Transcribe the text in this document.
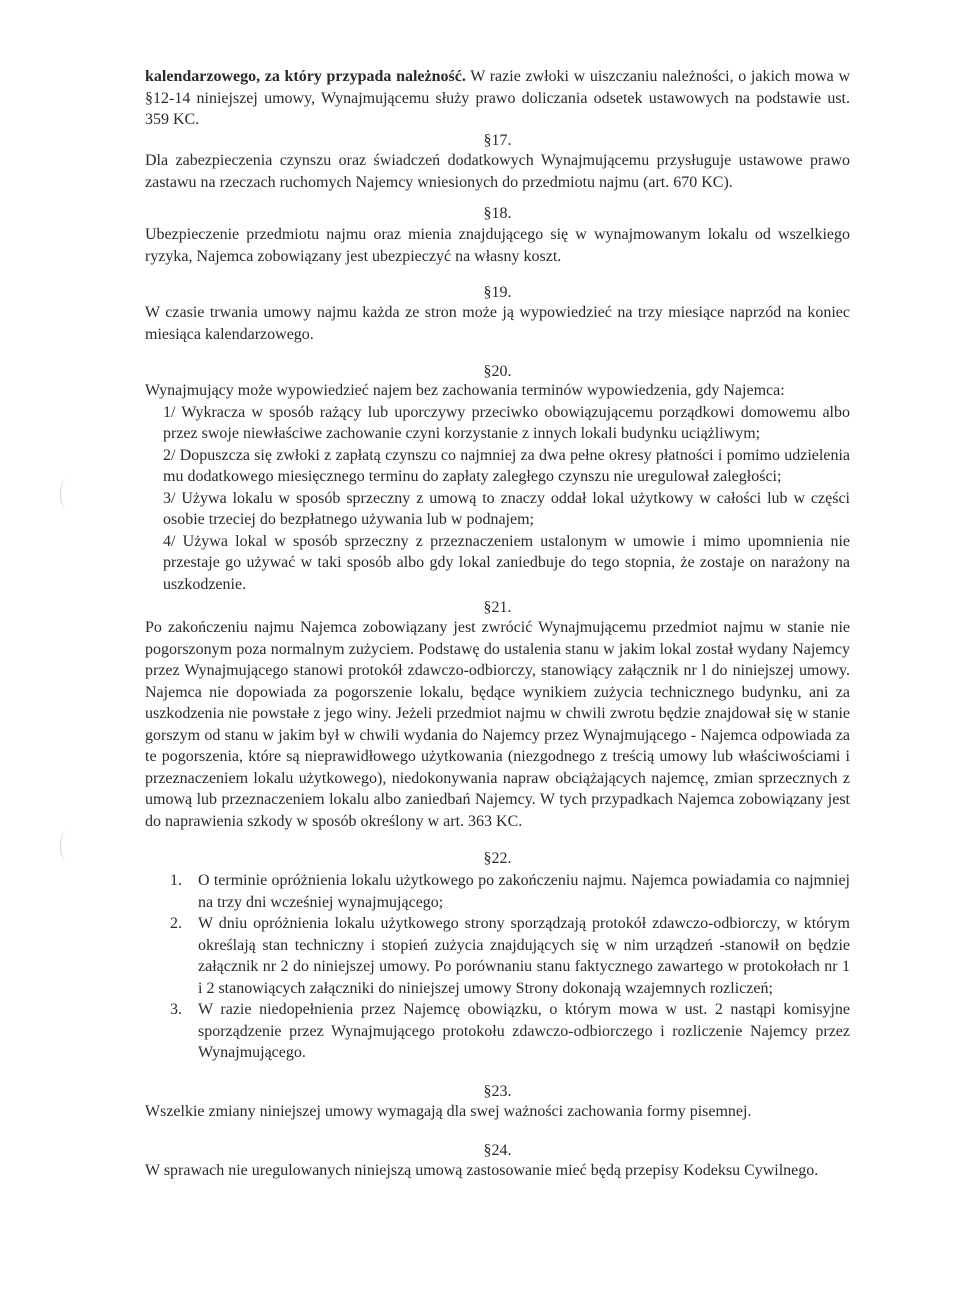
kalendarzowego, za który przypada należność. W razie zwłoki w uiszczaniu należności, o jakich mowa w §12-14 niniejszej umowy, Wynajmującemu służy prawo doliczania odsetek ustawowych na podstawie ust. 359 KC.
§17.
Dla zabezpieczenia czynszu oraz świadczeń dodatkowych Wynajmującemu przysługuje ustawowe prawo zastawu na rzeczach ruchomych Najemcy wniesionych do przedmiotu najmu (art. 670 KC).
§18.
Ubezpieczenie przedmiotu najmu oraz mienia znajdującego się w wynajmowanym lokalu od wszelkiego ryzyka, Najemca zobowiązany jest ubezpieczyć na własny koszt.
§19.
W czasie trwania umowy najmu każda ze stron może ją wypowiedzieć na trzy miesiące naprzód na koniec miesiąca kalendarzowego.
§20.
Wynajmujący może wypowiedzieć najem bez zachowania terminów wypowiedzenia, gdy Najemca:
1/ Wykracza w sposób rażący lub uporczywy przeciwko obowiązującemu porządkowi domowemu albo przez swoje niewłaściwe zachowanie czyni korzystanie z innych lokali budynku uciążliwym;
2/ Dopuszcza się zwłoki z zapłatą czynszu co najmniej za dwa pełne okresy płatności i pomimo udzielenia mu dodatkowego miesięcznego terminu do zapłaty zaległego czynszu nie uregulował zaległości;
3/ Używa lokalu w sposób sprzeczny z umową to znaczy oddał lokal użytkowy w całości lub w części osobie trzeciej do bezpłatnego używania lub w podnajem;
4/ Używa lokal w sposób sprzeczny z przeznaczeniem ustalonym w umowie i mimo upomnienia nie przestaje go używać w taki sposób albo gdy lokal zaniedbuje do tego stopnia, że zostaje on narażony na uszkodzenie.
§21.
Po zakończeniu najmu Najemca zobowiązany jest zwrócić Wynajmującemu przedmiot najmu w stanie nie pogorszonym poza normalnym zużyciem. Podstawę do ustalenia stanu w jakim lokal został wydany Najemcy przez Wynajmującego stanowi protokół zdawczo-odbiorczy, stanowiący załącznik nr l do niniejszej umowy. Najemca nie dopowiada za pogorszenie lokalu, będące wynikiem zużycia technicznego budynku, ani za uszkodzenia nie powstałe z jego winy. Jeżeli przedmiot najmu w chwili zwrotu będzie znajdował się w stanie gorszym od stanu w jakim był w chwili wydania do Najemcy przez Wynajmującego - Najemca odpowiada za te pogorszenia, które są nieprawidłowego użytkowania (niezgodnego z treścią umowy lub właściwościami i przeznaczeniem lokalu użytkowego), niedokonywania napraw obciążających najemcę, zmian sprzecznych z umową lub przeznaczeniem lokalu albo zaniedbań Najemcy. W tych przypadkach Najemca zobowiązany jest do naprawienia szkody w sposób określony w art. 363 KC.
§22.
1. O terminie opróżnienia lokalu użytkowego po zakończeniu najmu. Najemca powiadamia co najmniej na trzy dni wcześniej wynajmującego;
2. W dniu opróżnienia lokalu użytkowego strony sporządzają protokół zdawczo-odbiorczy, w którym określają stan techniczny i stopień zużycia znajdujących się w nim urządzeń -stanowił on będzie załącznik nr 2 do niniejszej umowy. Po porównaniu stanu faktycznego zawartego w protokołach nr 1 i 2 stanowiących załączniki do niniejszej umowy Strony dokonają wzajemnych rozliczeń;
3. W razie niedopełnienia przez Najemcę obowiązku, o którym mowa w ust. 2 nastąpi komisyjne sporządzenie przez Wynajmującego protokołu zdawczo-odbiorczego i rozliczenie Najemcy przez Wynajmującego.
§23.
Wszelkie zmiany niniejszej umowy wymagają dla swej ważności zachowania formy pisemnej.
§24.
W sprawach nie uregulowanych niniejszą umową zastosowanie mieć będą przepisy Kodeksu Cywilnego.
